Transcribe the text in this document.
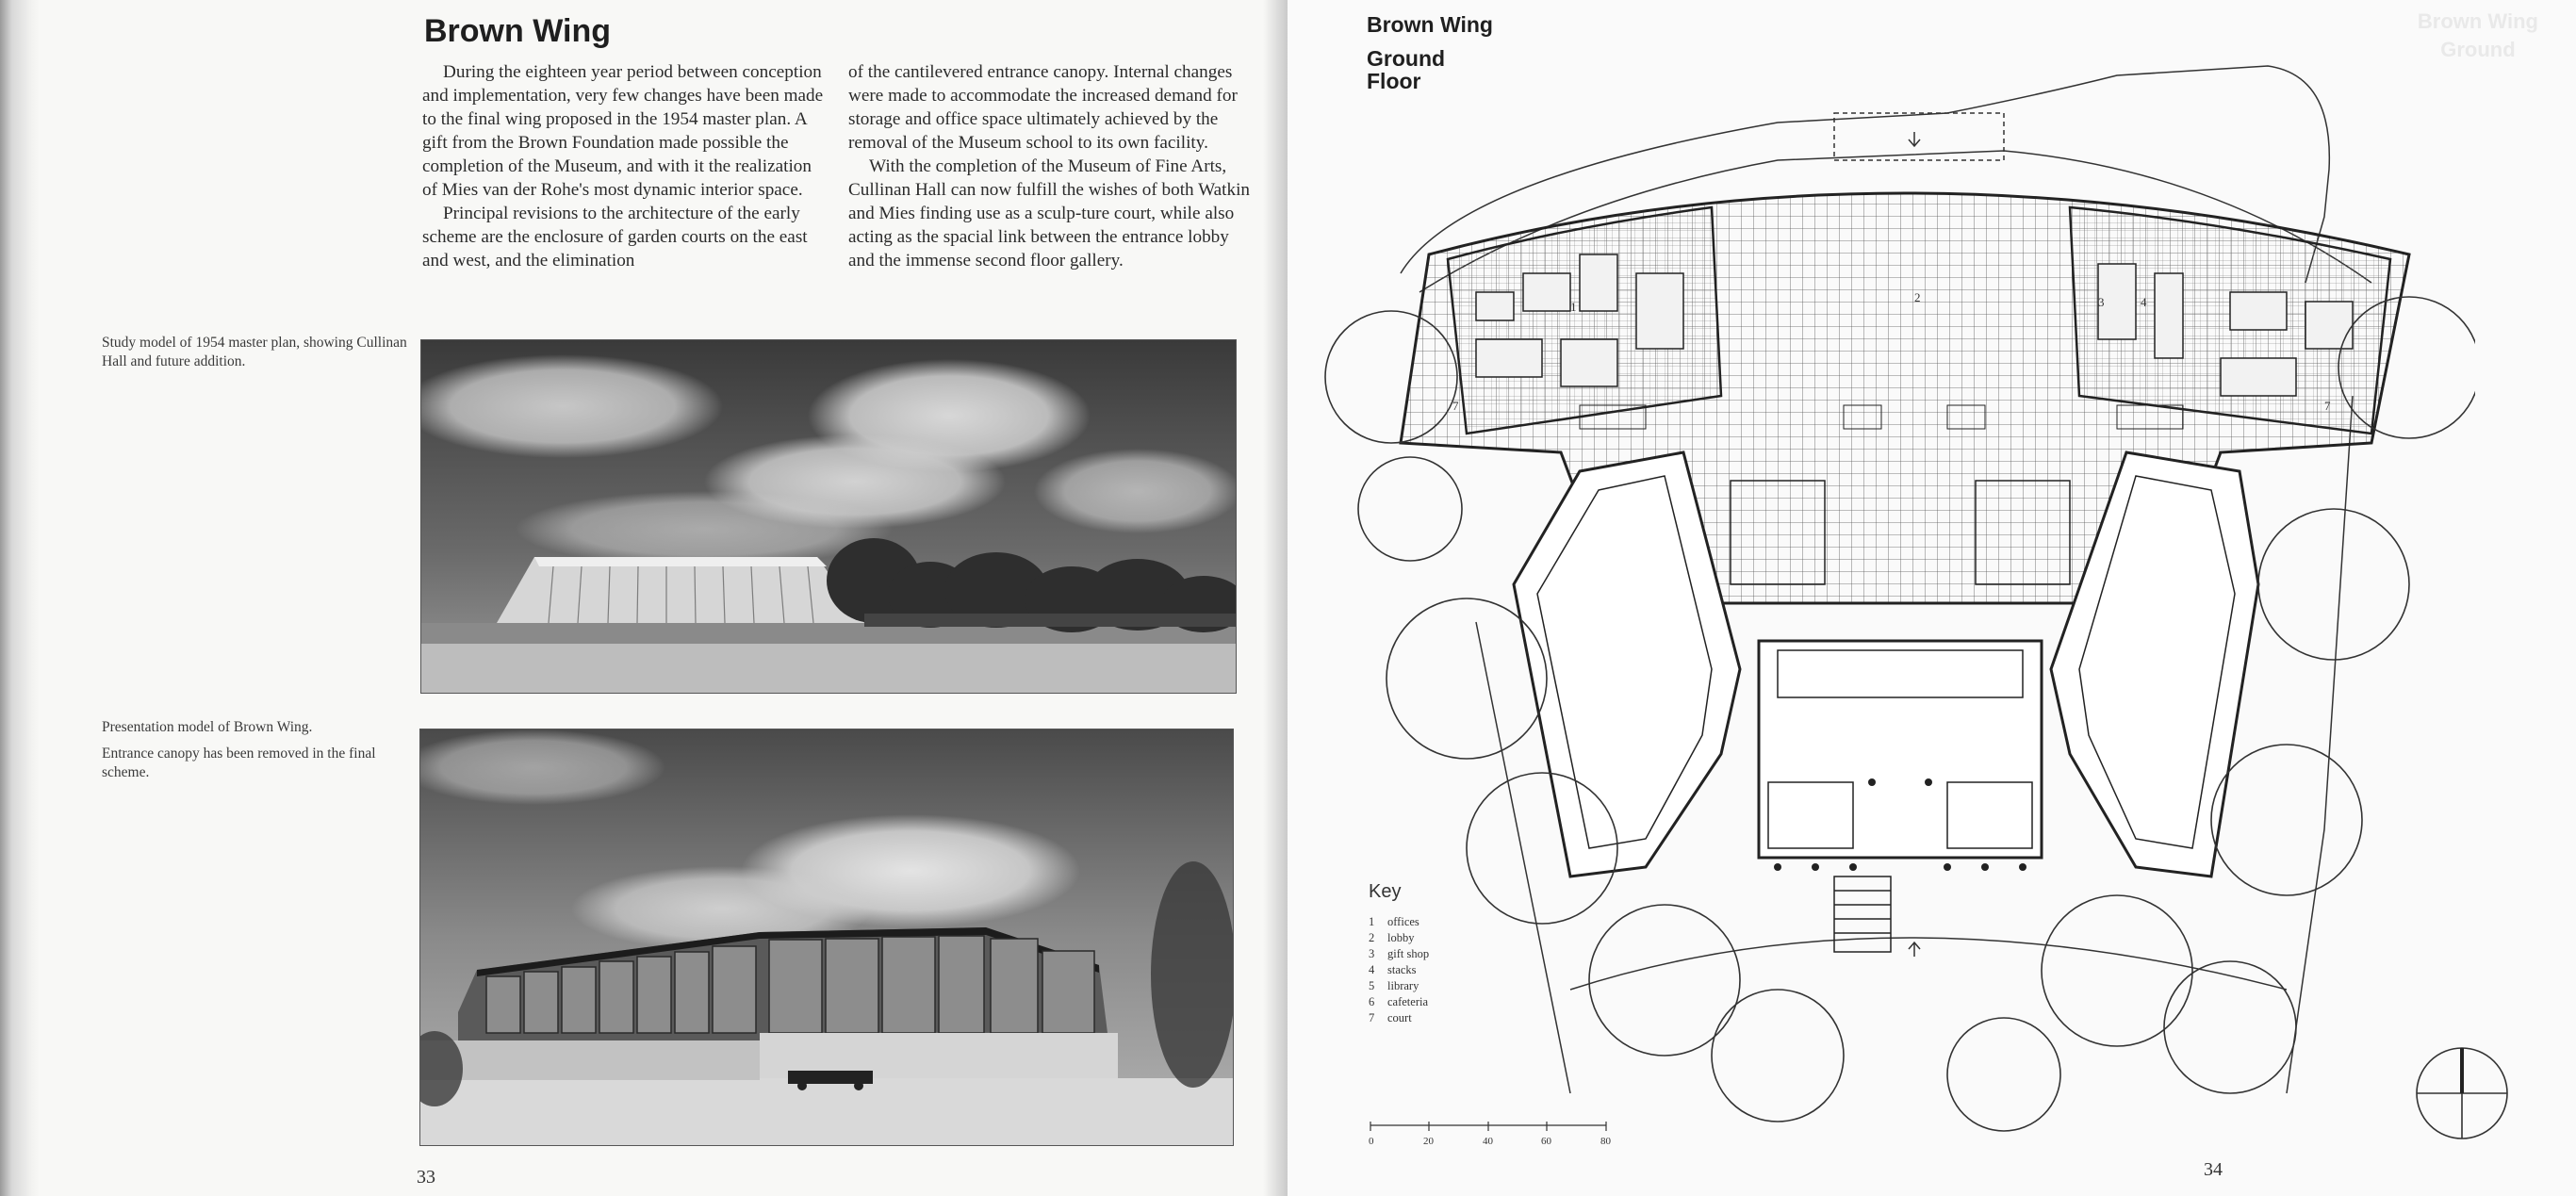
Brown Wing

During the eighteen year period between conception and implementation, very few changes have been made to the final wing proposed in the 1954 master plan. A gift from the Brown Foundation made possible the completion of the Museum, and with it the realization of Mies van der Rohe's most dynamic interior space.

Principal revisions to the architecture of the early scheme are the enclosure of garden courts on the east and west, and the elimination

of the cantilevered entrance canopy. Internal changes were made to accommodate the increased demand for storage and office space ultimately achieved by the removal of the Museum school to its own facility.

With the completion of the Museum of Fine Arts, Cullinan Hall can now fulfill the wishes of both Watkin and Mies finding use as a sculp-ture court, while also acting as the spacial link between the entrance lobby and the immense second floor gallery.

Study model of 1954 master plan, showing Cullinan Hall and future addition.

Presentation model of Brown Wing.

Entrance canopy has been removed in the final scheme.

33
Brown Wing
Ground
Brown Wing
Ground Floor
1
2	3	4
7	7
Key
1	offices
2	lobby
3	gift shop
4	stacks
5	library
6	cafeteria
7	court
0	20	40	60	80
34
